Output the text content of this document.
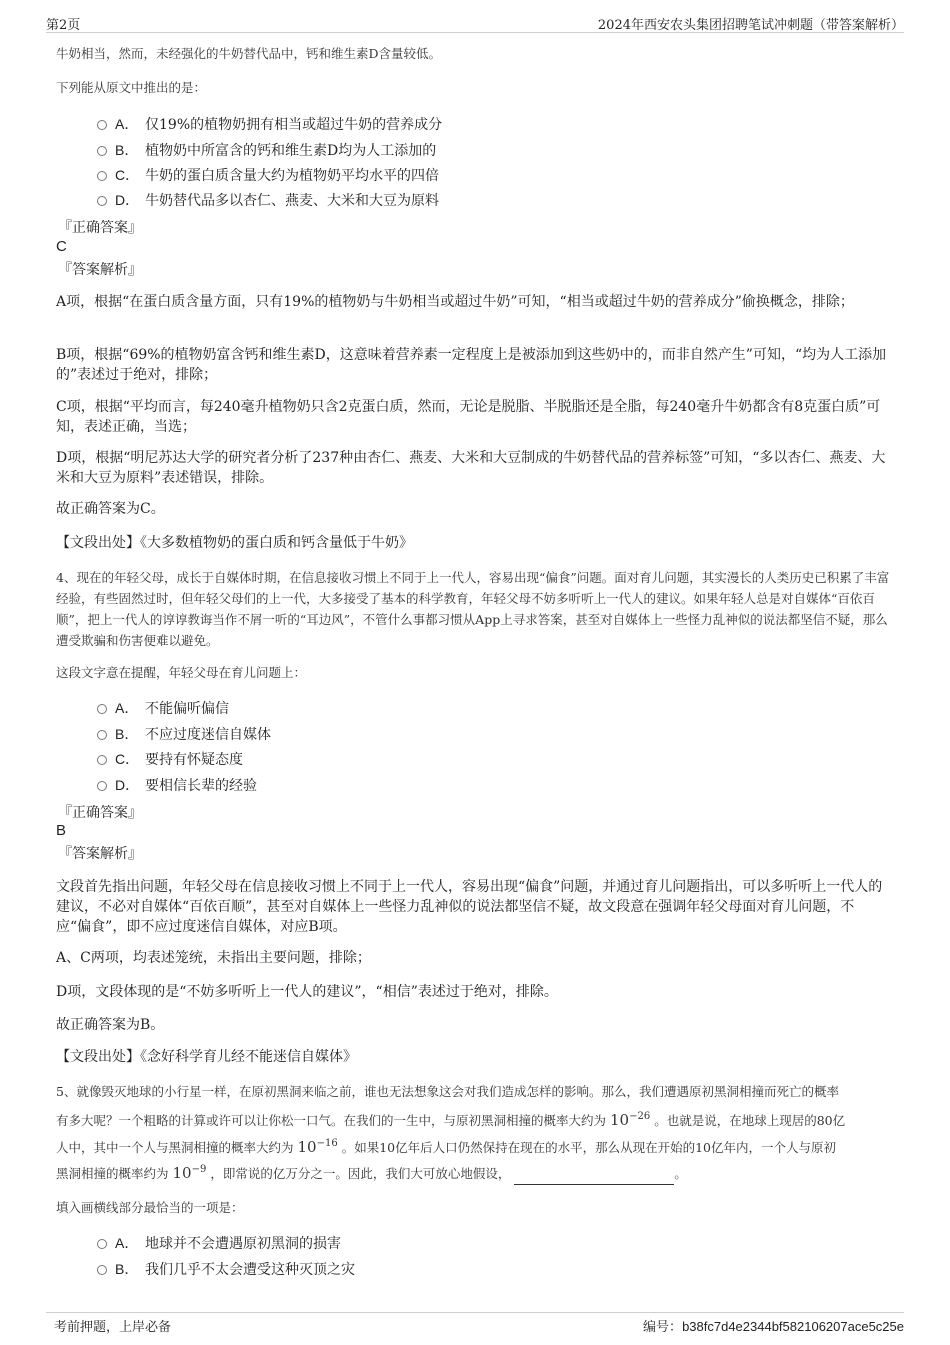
第2页	2024年西安农头集团招聘笔试冲刺题（带答案解析）
牛奶相当，然而，未经强化的牛奶替代品中，钙和维生素D含量较低。
下列能从原文中推出的是：
A． 仅19%的植物奶拥有相当或超过牛奶的营养成分
B． 植物奶中所富含的钙和维生素D均为人工添加的
C． 牛奶的蛋白质含量大约为植物奶平均水平的四倍
D． 牛奶替代品多以杏仁、燕麦、大米和大豆为原料
『正确答案』
C
『答案解析』
A项，根据“在蛋白质含量方面，只有19%的植物奶与牛奶相当或超过牛奶”可知，“相当或超过牛奶的营养成分”偷换概念，排除；
B项，根据“69%的植物奶富含钙和维生素D，这意味着营养素一定程度上是被添加到这些奶中的，而非自然产生”可知，“均为人工添加的”表述过于绝对，排除；
C项，根据“平均而言，每240毫升植物奶只含2克蛋白质，然而，无论是脱脂、半脱脂还是全脂，每240毫升牛奶都含有8克蛋白质”可知，表述正确，当选；
D项，根据“明尼苏达大学的研究者分析了237种由杏仁、燕麦、大米和大豆制成的牛奶替代品的营养标签”可知，“多以杏仁、燕麦、大米和大豆为原料”表述错误，排除。
故正确答案为C。
【文段出处】《大多数植物奶的蛋白质和钙含量低于牛奶》
4、现在的年轻父母，成长于自媒体时期，在信息接收习惯上不同于上一代人，容易出现“偏食”问题。面对育儿问题，其实漫长的人类历史已积累了丰富经验，有些固然过时，但年轻父母们的上一代，大多接受了基本的科学教育，年轻父母不妨多听听上一代人的建议。如果年轻人总是对自媒体“百依百顺”，把上一代人的谆谆教诲当作不屑一听的“耳边风”，不管什么事都习惯从App上寻求答案，甚至对自媒体上一些怪力乱神似的说法都坚信不疑，那么遭受欺骗和伤害便难以避免。
这段文字意在提醒，年轻父母在育儿问题上：
A． 不能偏听偏信
B． 不应过度迷信自媒体
C． 要持有怀疑态度
D． 要相信长辈的经验
『正确答案』
B
『答案解析』
文段首先指出问题，年轻父母在信息接收习惯上不同于上一代人，容易出现“偏食”问题，并通过育儿问题指出，可以多听听上一代人的建议，不必对自媒体“百依百顺”，甚至对自媒体上一些怪力乱神似的说法都坚信不疑，故文段意在强调年轻父母面对育儿问题，不应“偏食”，即不应过度迷信自媒体，对应B项。
A、C两项，均表述笼统，未指出主要问题，排除；
D项，文段体现的是“不妨多听听上一代人的建议”，“相信”表述过于绝对，排除。
故正确答案为B。
【文段出处】《念好科学育儿经不能迷信自媒体》
5、就像毁灭地球的小行星一样，在原初黑洞来临之前，谁也无法想象这会对我们造成怎样的影响。那么，我们遭遇原初黑洞相撞而死亡的概率
有多大呢？一个粗略的计算或许可以让你松一口气。在我们的一生中，与原初黑洞相撞的概率大约为 $10^{-26}$ 。也就是说，在地球上现居的80亿
人中，其中一个人与黑洞相撞的概率大约为 $10^{-16}$ 。如果10亿年后人口仍然保持在现在的水平，那么从现在开始的10亿年内，一个人与原初
黑洞相撞的概率约为 $10^{-9}$ ，即常说的亿万分之一。因此，我们大可放心地假设，	。
填入画横线部分最恰当的一项是：
A． 地球并不会遭遇原初黑洞的损害
B． 我们几乎不太会遭受这种灭顶之灾
考前押题，上岸必备	编号：b38fc7d4e2344bf582106207ace5c25e
